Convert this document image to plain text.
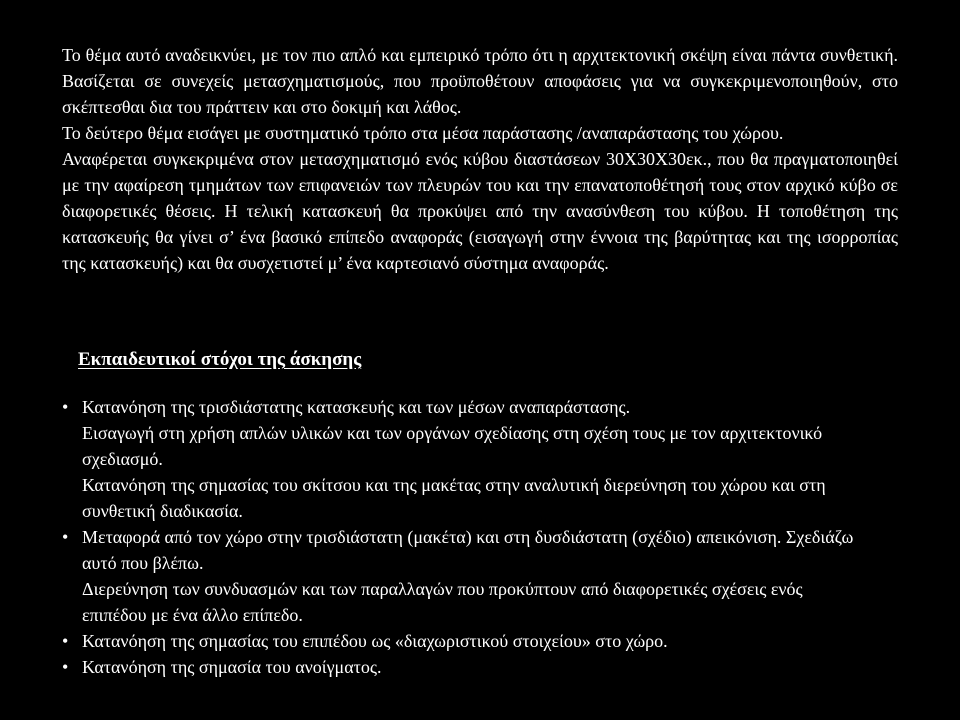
Το θέμα αυτό αναδεικνύει, με τον πιο απλό και εμπειρικό τρόπο ότι η αρχιτεκτονική σκέψη είναι πάντα συνθετική. Βασίζεται σε συνεχείς μετασχηματισμούς, που προϋποθέτουν αποφάσεις για να συγκεκριμενοποιηθούν, στο σκέπτεσθαι δια του πράττειν και στο δοκιμή και λάθος.

Το δεύτερο θέμα εισάγει με συστηματικό τρόπο στα μέσα παράστασης /αναπαράστασης του χώρου.

Αναφέρεται συγκεκριμένα στον μετασχηματισμό ενός κύβου διαστάσεων 30Χ30Χ30εκ., που θα πραγματοποιηθεί με την αφαίρεση τμημάτων των επιφανειών των πλευρών του και την επανατοποθέτησή τους στον αρχικό κύβο σε διαφορετικές θέσεις. Η τελική κατασκευή θα προκύψει από την ανασύνθεση του κύβου. Η τοποθέτηση της κατασκευής θα γίνει σ’ ένα βασικό επίπεδο αναφοράς (εισαγωγή στην έννοια της βαρύτητας και της ισορροπίας της κατασκευής) και θα συσχετιστεί μ’ ένα καρτεσιανό σύστημα αναφοράς.

Εκπαιδευτικοί στόχοι της άσκησης
• Κατανόηση της τρισδιάστατης κατασκευής και των μέσων αναπαράστασης.
Εισαγωγή στη χρήση απλών υλικών και των οργάνων σχεδίασης στη σχέση τους με τον αρχιτεκτονικό σχεδιασμό.
Κατανόηση της σημασίας του σκίτσου και της μακέτας στην αναλυτική διερεύνηση του χώρου και στη συνθετική διαδικασία.
• Μεταφορά από τον χώρο στην τρισδιάστατη (μακέτα) και στη δυσδιάστατη (σχέδιο) απεικόνιση. Σχεδιάζω αυτό που βλέπω.
Διερεύνηση των συνδυασμών και των παραλλαγών που προκύπτουν από διαφορετικές σχέσεις ενός επιπέδου με ένα άλλο επίπεδο.
• Κατανόηση της σημασίας του επιπέδου ως «διαχωριστικού στοιχείου» στο χώρο.
• Κατανόηση της σημασία του ανοίγματος.
